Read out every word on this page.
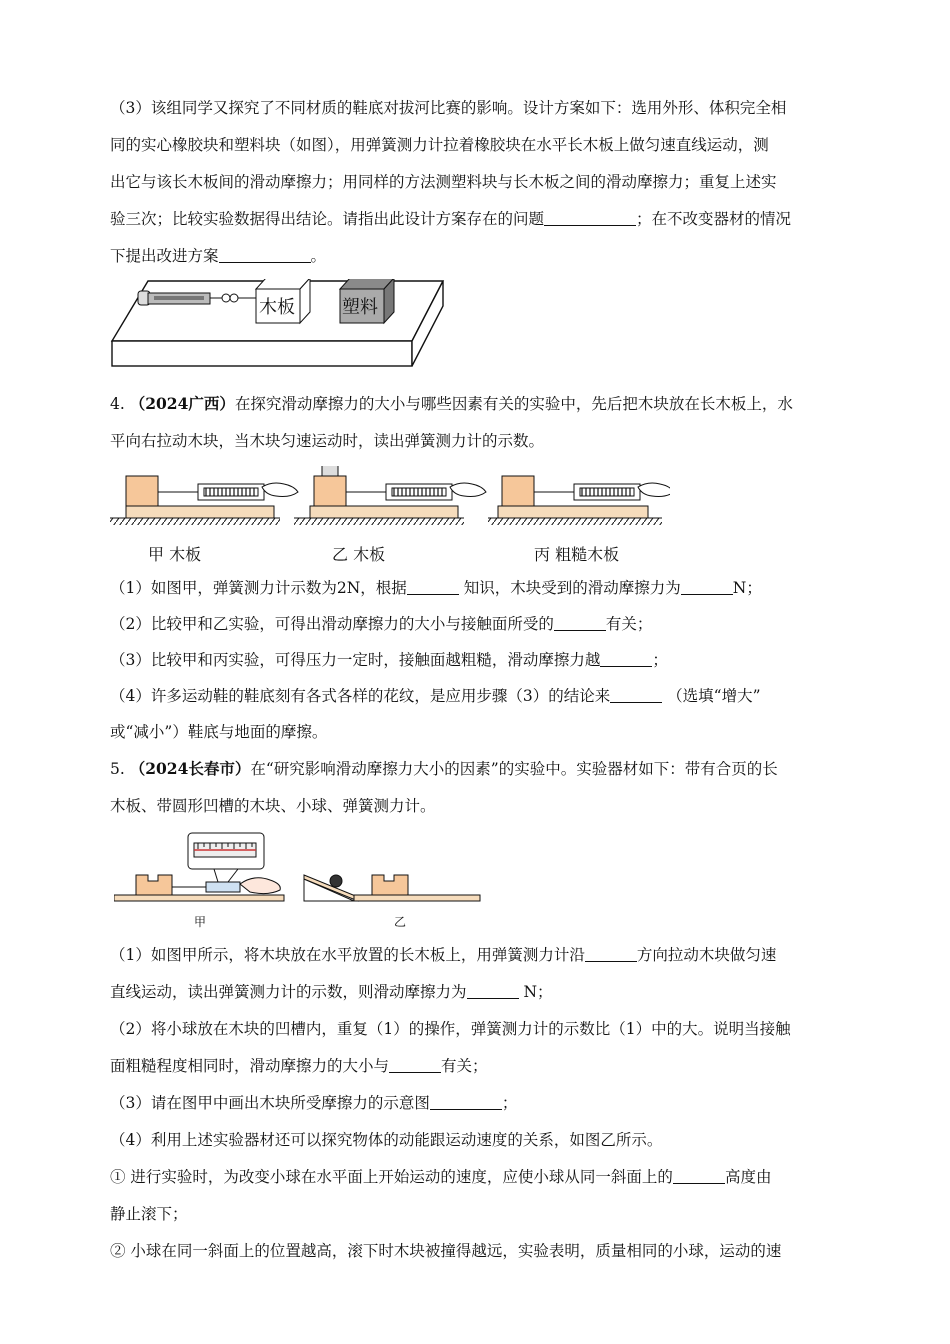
（3）该组同学又探究了不同材质的鞋底对拔河比赛的影响。设计方案如下：选用外形、体积完全相

同的实心橡胶块和塑料块（如图），用弹簧测力计拉着橡胶块在水平长木板上做匀速直线运动，测

出它与该长木板间的滑动摩擦力；用同样的方法测塑料块与长木板之间的滑动摩擦力；重复上述实

验三次；比较实验数据得出结论。请指出此设计方案存在的问题	；在不改变器材的情况

下提出改进方案	。

木板	塑料

4. （2024广西）在探究滑动摩擦力的大小与哪些因素有关的实验中，先后把木块放在长木板上，水

平向右拉动木块，当木块匀速运动时，读出弹簧测力计的示数。

甲 木板	乙 木板	丙 粗糙木板

（1）如图甲，弹簧测力计示数为2N，根据	知识，木块受到的滑动摩擦力为	N；

（2）比较甲和乙实验，可得出滑动摩擦力的大小与接触面所受的	有关；

（3）比较甲和丙实验，可得压力一定时，接触面越粗糙，滑动摩擦力越	；

（4）许多运动鞋的鞋底刻有各式各样的花纹，是应用步骤（3）的结论来	（选填“增大”

或“减小”）鞋底与地面的摩擦。

5. （2024长春市）在“研究影响滑动摩擦力大小的因素”的实验中。实验器材如下：带有合页的长

木板、带圆形凹槽的木块、小球、弹簧测力计。

甲	乙

（1）如图甲所示，将木块放在水平放置的长木板上，用弹簧测力计沿	方向拉动木块做匀速

直线运动，读出弹簧测力计的示数，则滑动摩擦力为	N；

（2）将小球放在木块的凹槽内，重复（1）的操作，弹簧测力计的示数比（1）中的大。说明当接触

面粗糙程度相同时，滑动摩擦力的大小与	有关；

（3）请在图甲中画出木块所受摩擦力的示意图	；

（4）利用上述实验器材还可以探究物体的动能跟运动速度的关系，如图乙所示。

① 进行实验时，为改变小球在水平面上开始运动的速度，应使小球从同一斜面上的	高度由

静止滚下；

② 小球在同一斜面上的位置越高，滚下时木块被撞得越远，实验表明，质量相同的小球，运动的速
